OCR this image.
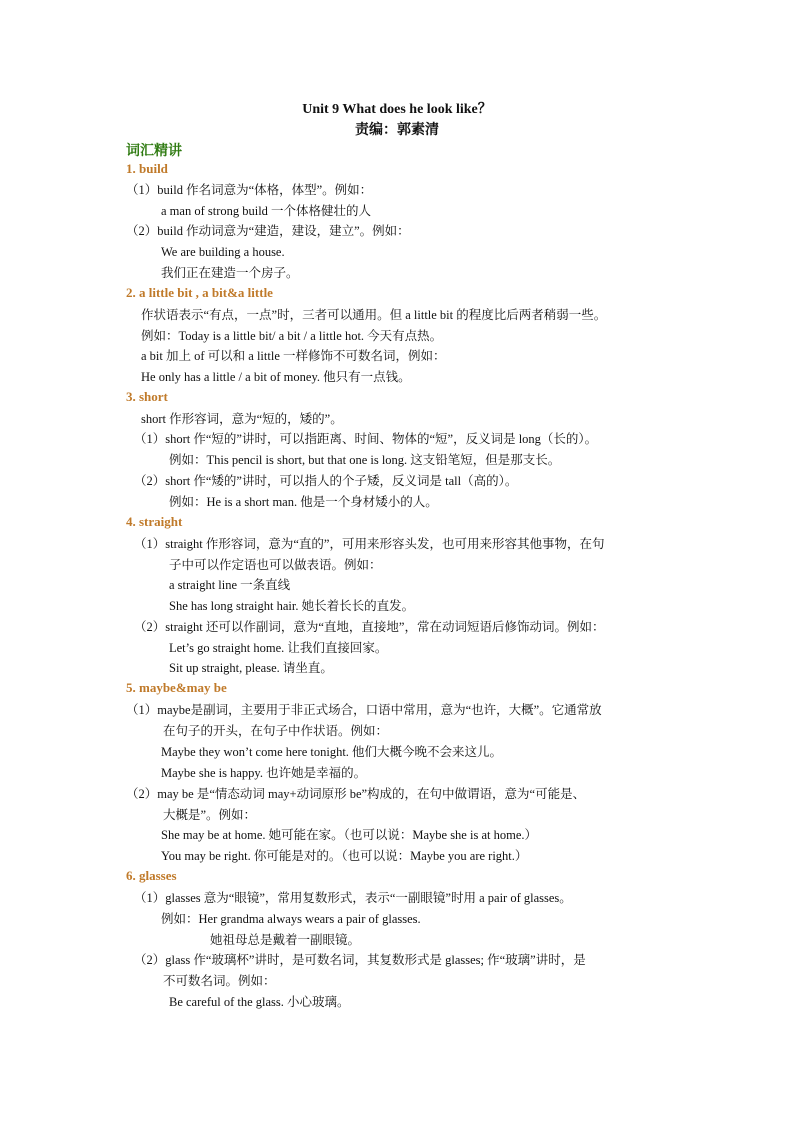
Unit 9 What does he look like？
责编：郭素清
词汇精讲
1. build
（1）build 作名词意为“体格，体型”。例如：
a man of strong build 一个体格健壮的人
（2）build 作动词意为“建造，建设，建立”。例如：
We are building a house.
我们正在建造一个房子。
2. a little bit , a bit&a little
作状语表示“有点，一点”时，三者可以通用。但 a little bit 的程度比后两者稍弱一些。
例如：Today is a little bit/ a bit / a little hot. 今天有点热。
a bit 加上 of 可以和 a little 一样修饰不可数名词，例如：
He only has a little / a bit of money. 他只有一点钱。
3. short
short 作形容词，意为“短的，矮的”。
（1）short 作“短的”讲时，可以指距离、时间、物体的“短”，反义词是 long（长的）。
例如：This pencil is short, but that one is long. 这支铅笔短，但是那支长。
（2）short 作“矮的”讲时，可以指人的个子矮，反义词是 tall（高的）。
例如：He is a short man. 他是一个身材矮小的人。
4. straight
（1）straight 作形容词，意为“直的”，可用来形容头发，也可用来形容其他事物，在句
子中可以作定语也可以做表语。例如：
a straight line 一条直线
She has long straight hair. 她长着长长的直发。
（2）straight 还可以作副词，意为“直地，直接地”，常在动词短语后修饰动词。例如：
Let’s go straight home. 让我们直接回家。
Sit up straight, please. 请坐直。
5. maybe&may be
（1）maybe是副词，主要用于非正式场合，口语中常用，意为“也许，大概”。它通常放
在句子的开头，在句子中作状语。例如：
Maybe they won’t come here tonight. 他们大概今晚不会来这儿。
Maybe she is happy. 也许她是幸福的。
（2）may be 是“情态动词 may+动词原形 be”构成的，在句中做谓语，意为“可能是、
大概是”。例如：
She may be at home. 她可能在家。（也可以说：Maybe she is at home.）
You may be right. 你可能是对的。（也可以说：Maybe you are right.）
6. glasses
（1）glasses 意为“眼镜”，常用复数形式，表示“一副眼镜”时用 a pair of glasses。
例如：Her grandma always wears a pair of glasses.
她祖母总是戴着一副眼镜。
（2）glass 作“玻璃杯”讲时，是可数名词，其复数形式是 glasses; 作“玻璃”讲时，是
不可数名词。例如：
Be careful of the glass. 小心玻璃。
